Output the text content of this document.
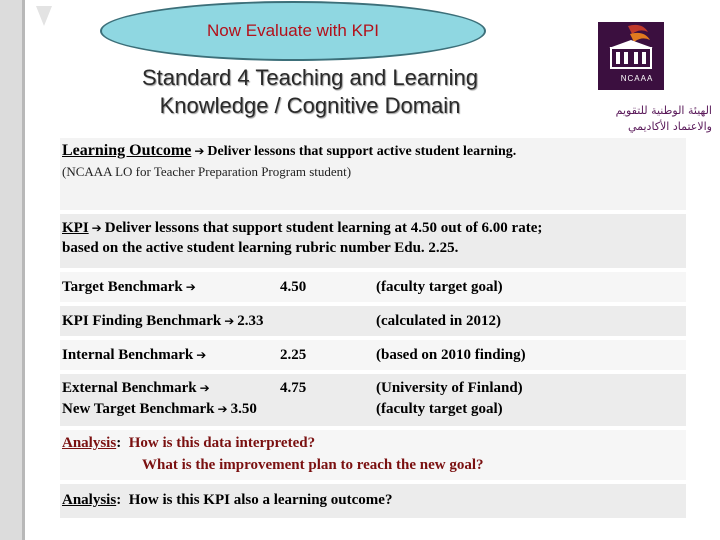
Now Evaluate with KPI
Standard 4 Teaching and Learning
Knowledge / Cognitive Domain
NCAAA
الهيئة الوطنية للتقويم
والاعتماد الأكاديمي
Learning Outcome ➔ Deliver lessons that support active student learning.
(NCAAA LO for Teacher Preparation Program student)
KPI ➔ Deliver lessons that support student learning at 4.50 out of 6.00 rate;
based on the active student learning rubric number Edu. 2.25.
Target Benchmark ➔	4.50	(faculty target goal)
KPI Finding Benchmark ➔ 2.33	(calculated in 2012)
Internal Benchmark ➔	2.25	(based on 2010 finding)
External Benchmark ➔	4.75	(University of Finland)
New Target Benchmark ➔ 3.50	(faculty target goal)
Analysis:  How is this data interpreted?
What is the improvement plan to reach the new goal?
Analysis:  How is this KPI also a learning outcome?
